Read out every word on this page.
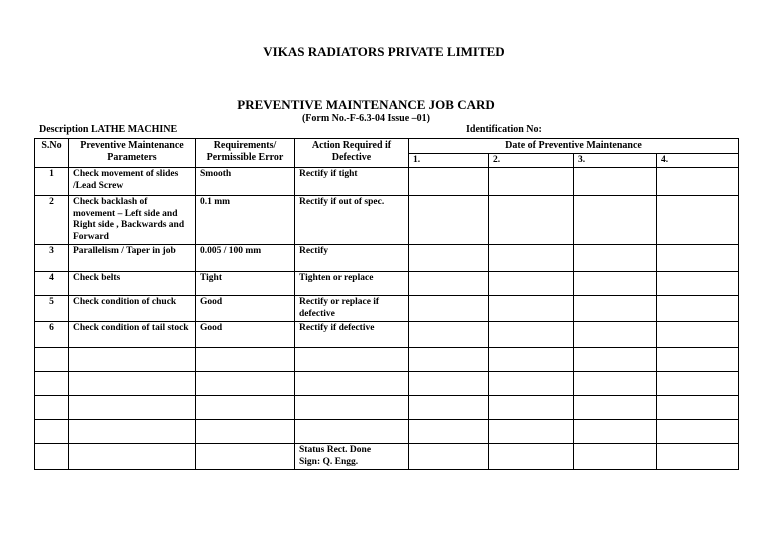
VIKAS RADIATORS PRIVATE LIMITED
PREVENTIVE MAINTENANCE JOB CARD
(Form No.-F-6.3-04 Issue –01)
Description LATHE MACHINE	Identification No:
S.No	Preventive Maintenance Parameters	Requirements/ Permissible Error	Action Required if Defective	Date of Preventive Maintenance			
				1.	2.	3.	4.
1	Check movement of slides /Lead Screw	Smooth	Rectify if tight				
2	Check backlash of movement – Left side and Right side , Backwards and Forward	0.1 mm	Rectify if out of spec.				
3	Parallelism / Taper in job	0.005 / 100 mm	Rectify				
4	Check belts	Tight	Tighten or replace				
5	Check condition of chuck	Good	Rectify or replace if defective				
6	Check condition of tail stock	Good	Rectify if defective				

			Status Rect. Done
Sign: Q. Engg.				
